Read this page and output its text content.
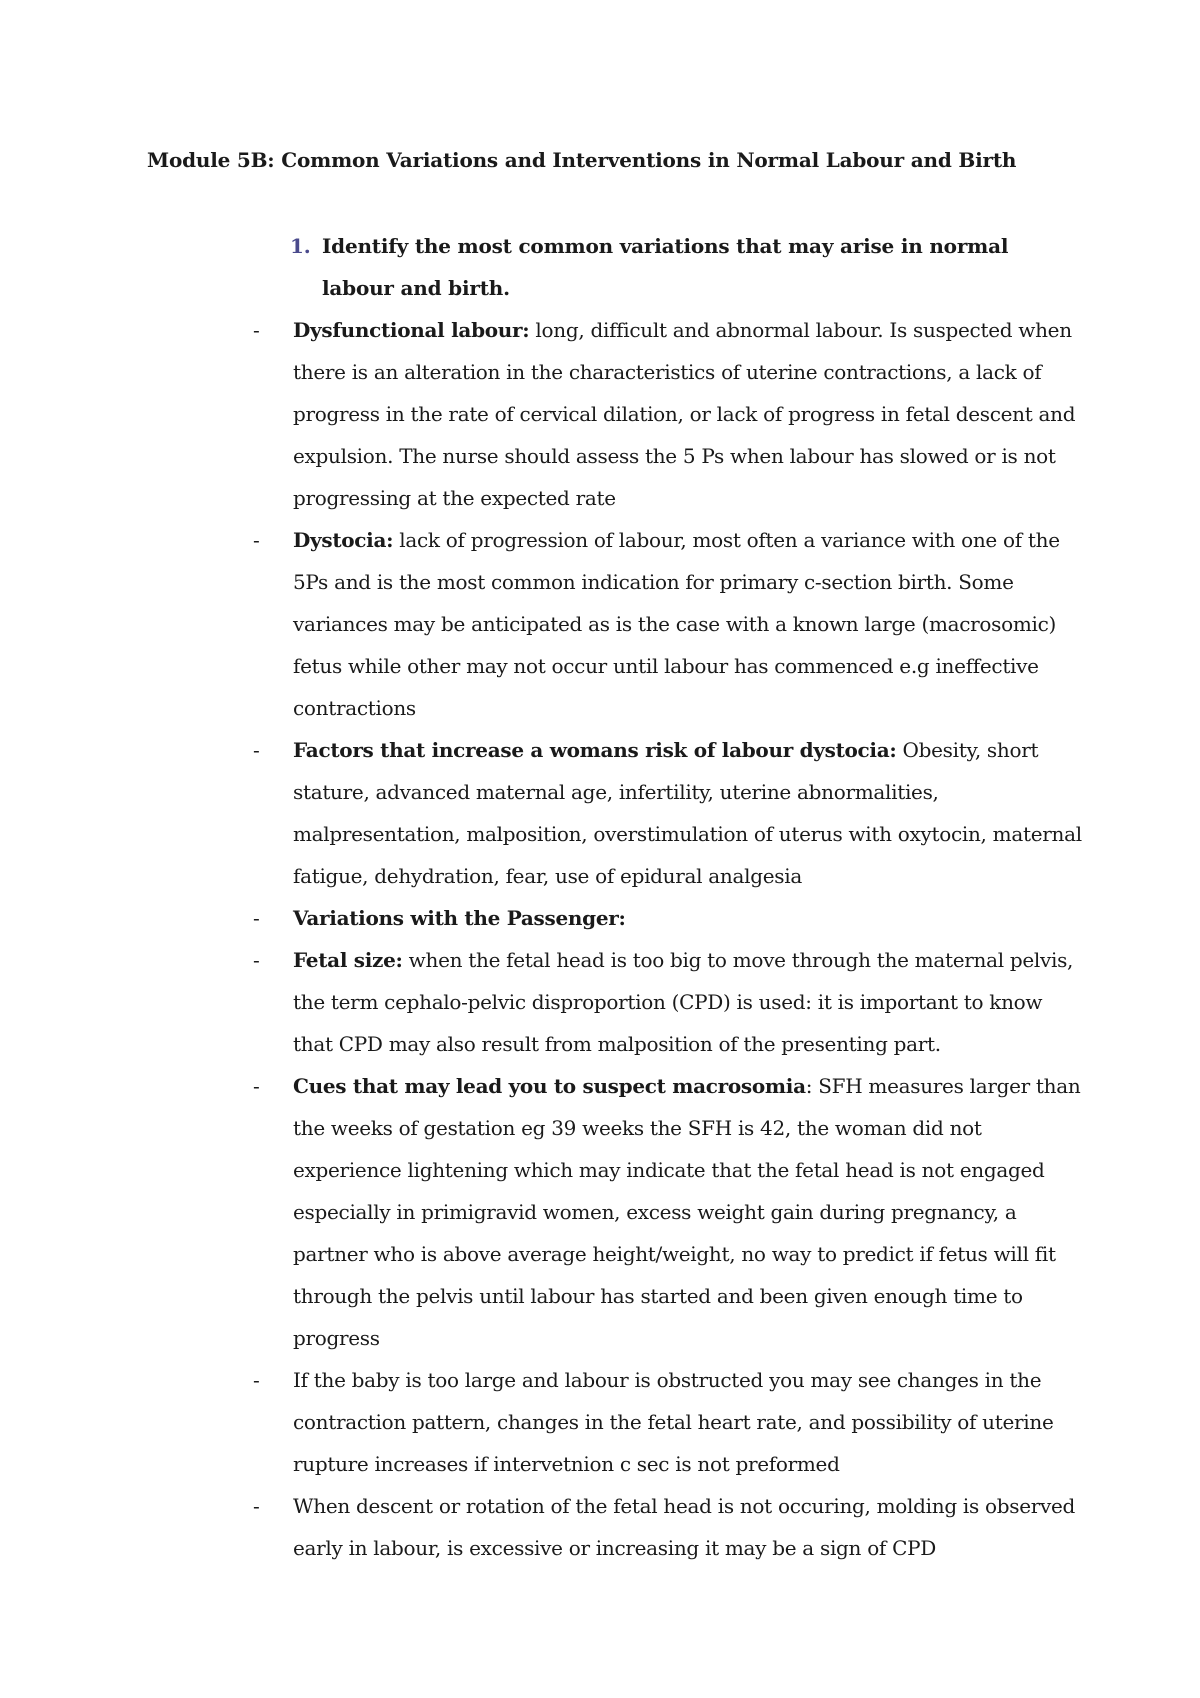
Module 5B: Common Variations and Interventions in Normal Labour and Birth
1. Identify the most common variations that may arise in normal labour and birth.
- Dysfunctional labour: long, difficult and abnormal labour. Is suspected when there is an alteration in the characteristics of uterine contractions, a lack of progress in the rate of cervical dilation, or lack of progress in fetal descent and expulsion. The nurse should assess the 5 Ps when labour has slowed or is not progressing at the expected rate
- Dystocia: lack of progression of labour, most often a variance with one of the 5Ps and is the most common indication for primary c-section birth. Some variances may be anticipated as is the case with a known large (macrosomic) fetus while other may not occur until labour has commenced e.g ineffective contractions
- Factors that increase a womans risk of labour dystocia: Obesity, short stature, advanced maternal age, infertility, uterine abnormalities, malpresentation, malposition, overstimulation of uterus with oxytocin, maternal fatigue, dehydration, fear, use of epidural analgesia
- Variations with the Passenger:
- Fetal size: when the fetal head is too big to move through the maternal pelvis, the term cephalo-pelvic disproportion (CPD) is used: it is important to know that CPD may also result from malposition of the presenting part.
- Cues that may lead you to suspect macrosomia: SFH measures larger than the weeks of gestation eg 39 weeks the SFH is 42, the woman did not experience lightening which may indicate that the fetal head is not engaged especially in primigravid women, excess weight gain during pregnancy, a partner who is above average height/weight, no way to predict if fetus will fit through the pelvis until labour has started and been given enough time to progress
- If the baby is too large and labour is obstructed you may see changes in the contraction pattern, changes in the fetal heart rate, and possibility of uterine rupture increases if intervetnion c sec is not preformed
- When descent or rotation of the fetal head is not occuring, molding is observed early in labour, is excessive or increasing it may be a sign of CPD
